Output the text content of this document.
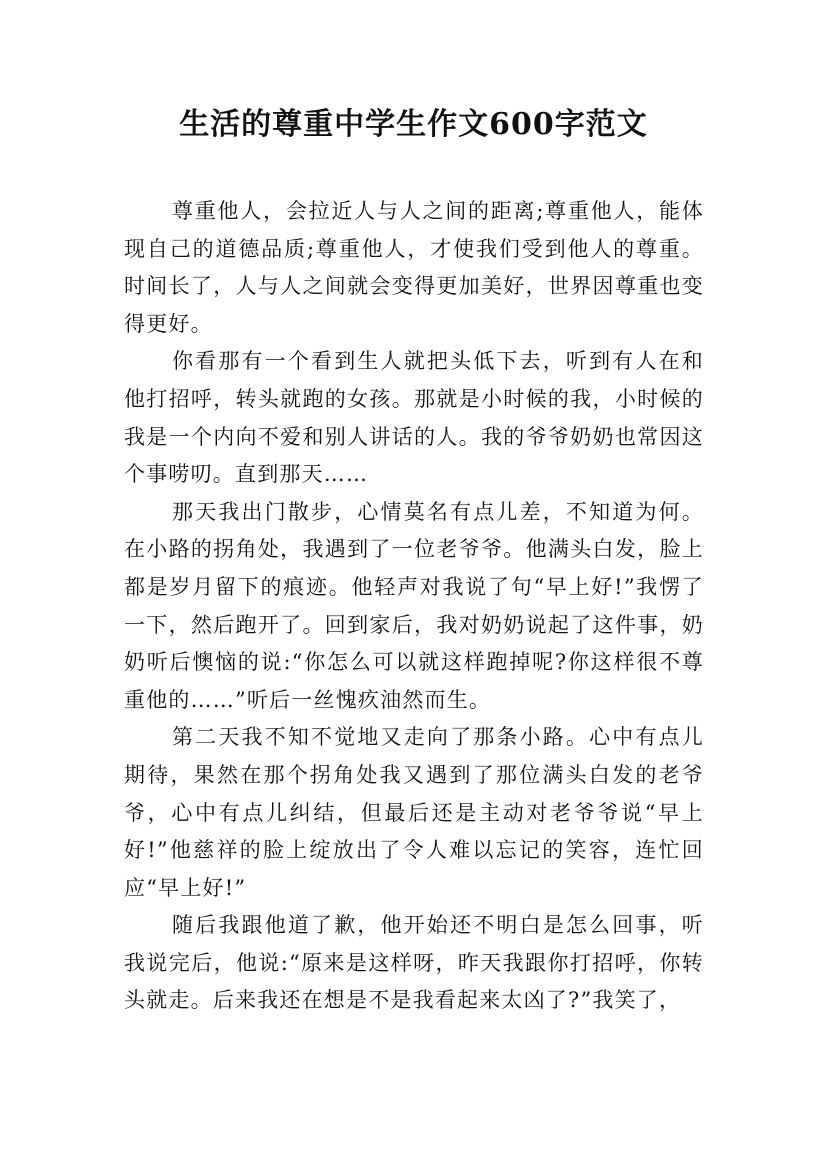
生活的尊重中学生作文600字范文

尊重他人，会拉近人与人之间的距离;尊重他人，能体现自己的道德品质;尊重他人，才使我们受到他人的尊重。时间长了，人与人之间就会变得更加美好，世界因尊重也变得更好。

你看那有一个看到生人就把头低下去，听到有人在和他打招呼，转头就跑的女孩。那就是小时候的我，小时候的我是一个内向不爱和别人讲话的人。我的爷爷奶奶也常因这个事唠叨。直到那天……

那天我出门散步，心情莫名有点儿差，不知道为何。在小路的拐角处，我遇到了一位老爷爷。他满头白发，脸上都是岁月留下的痕迹。他轻声对我说了句“早上好!”我愣了一下，然后跑开了。回到家后，我对奶奶说起了这件事，奶奶听后懊恼的说:“你怎么可以就这样跑掉呢?你这样很不尊重他的……”听后一丝愧疚油然而生。

第二天我不知不觉地又走向了那条小路。心中有点儿期待，果然在那个拐角处我又遇到了那位满头白发的老爷爷，心中有点儿纠结，但最后还是主动对老爷爷说“早上好!”他慈祥的脸上绽放出了令人难以忘记的笑容，连忙回应“早上好!”

随后我跟他道了歉，他开始还不明白是怎么回事，听我说完后，他说:“原来是这样呀，昨天我跟你打招呼，你转头就走。后来我还在想是不是我看起来太凶了?”我笑了，
